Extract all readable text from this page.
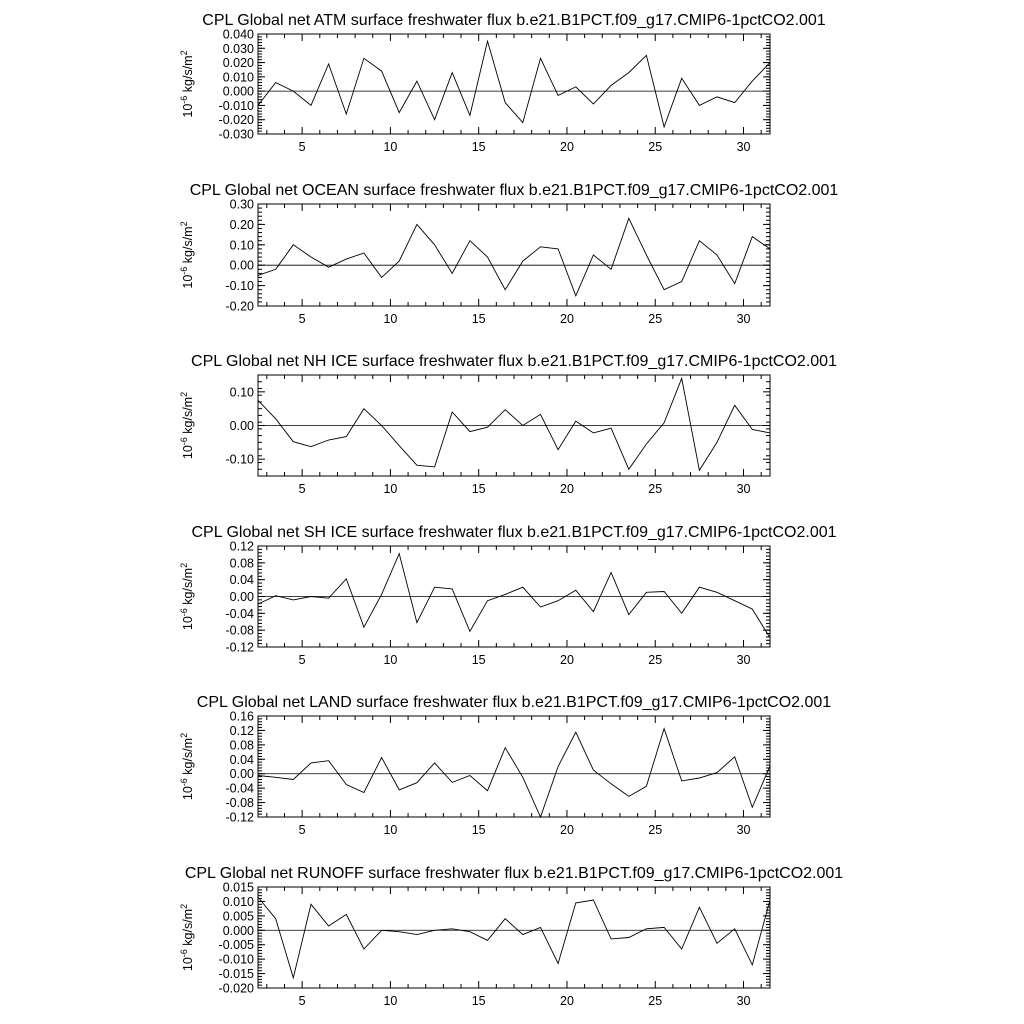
CPL Global net ATM surface freshwater flux b.e21.B1PCT.f09_g17.CMIP6-1pctCO2.001
5	10	15	20	25	30
-0.030
-0.020
-0.010
0.000
0.010
0.020
0.030
0.040
$10^{-6}$ $kg/s/m^2$
CPL Global net OCEAN surface freshwater flux b.e21.B1PCT.f09_g17.CMIP6-1pctCO2.001
5	10	15	20	25	30
-0.20
-0.10
0.00
0.10
0.20
0.30
$10^{-6}$ $kg/s/m^2$
CPL Global net NH ICE surface freshwater flux b.e21.B1PCT.f09_g17.CMIP6-1pctCO2.001
5	10	15	20	25	30
-0.10
0.00
0.10
$10^{-6}$ $kg/s/m^2$
CPL Global net SH ICE surface freshwater flux b.e21.B1PCT.f09_g17.CMIP6-1pctCO2.001
5	10	15	20	25	30
-0.12
-0.08
-0.04
0.00
0.04
0.08
0.12
$10^{-6}$ $kg/s/m^2$
CPL Global net LAND surface freshwater flux b.e21.B1PCT.f09_g17.CMIP6-1pctCO2.001
5	10	15	20	25	30
-0.12
-0.08
-0.04
0.00
0.04
0.08
0.12
0.16
$10^{-6}$ $kg/s/m^2$
CPL Global net RUNOFF surface freshwater flux b.e21.B1PCT.f09_g17.CMIP6-1pctCO2.001
5	10	15	20	25	30
-0.020
-0.015
-0.010
-0.005
0.000
0.005
0.010
0.015
$10^{-6}$ $kg/s/m^2$
